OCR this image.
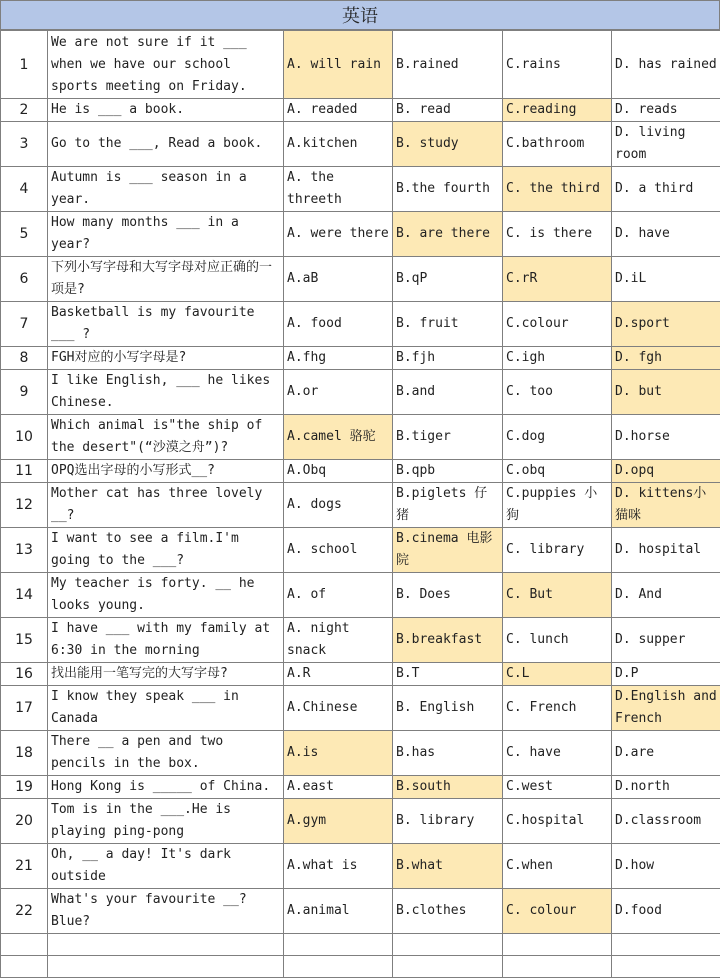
英语
1	We are not sure if it ___ when we have our school sports meeting on Friday.	A. will rain	B.rained	C.rains	D. has rained
2	He is ___ a book.	A. readed	B. read	C.reading	D. reads
3	Go to the ___, Read a book.	A.kitchen	B. study	C.bathroom	D. living room
4	Autumn is ___ season in a year.	A. the threeth	B.the fourth	C. the third	D. a third
5	How many months ___ in a year?	A. were there	B. are there	C. is there	D. have
6	下列小写字母和大写字母对应正确的一项是?	A.aB	B.qP	C.rR	D.iL
7	Basketball is my favourite ___ ?	A. food	B. fruit	C.colour	D.sport
8	FGH对应的小写字母是?	A.fhg	B.fjh	C.igh	D. fgh
9	I like English, ___ he likes Chinese.	A.or	B.and	C. too	D. but
10	Which animal is"the ship of the desert"(“沙漠之舟”)?	A.camel 骆驼	B.tiger	C.dog	D.horse
11	OPQ选出字母的小写形式__?	A.Obq	B.qpb	C.obq	D.opq
12	Mother cat has three lovely __?	A. dogs	B.piglets 仔猪	C.puppies 小狗	D. kittens小猫咪
13	I want to see a film.I'm going to the ___?	A. school	B.cinema 电影院	C. library	D. hospital
14	My teacher is forty. __ he looks young.	A. of	B. Does	C. But	D. And
15	I have ___ with my family at 6:30 in the morning	A. night snack	B.breakfast	C. lunch	D. supper
16	找出能用一笔写完的大写字母?	A.R	B.T	C.L	D.P
17	I know they speak ___ in Canada	A.Chinese	B. English	C. French	D.English and French
18	There __ a pen and two pencils in the box.	A.is	B.has	C. have	D.are
19	Hong Kong is _____ of China.	A.east	B.south	C.west	D.north
20	Tom is in the ___.He is playing ping-pong	A.gym	B. library	C.hospital	D.classroom
21	Oh, __ a day! It's dark outside	A.what is	B.what	C.when	D.how
22	What's your favourite __? Blue?	A.animal	B.clothes	C. colour	D.food
